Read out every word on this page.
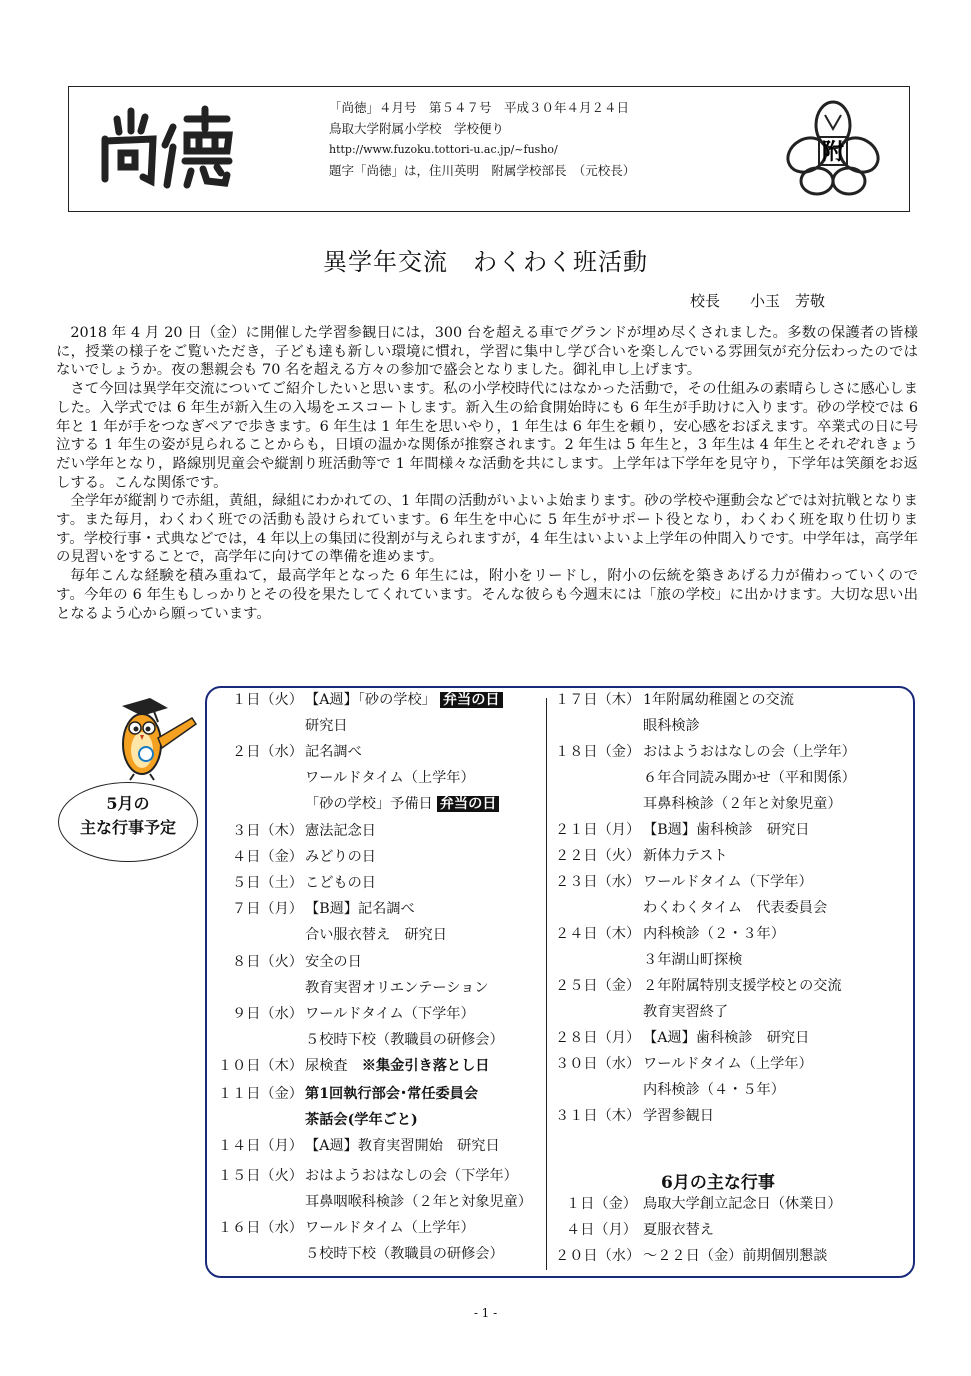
「尚徳」４月号　第５４７号　平成３０年４月２４日
鳥取大学附属小学校　学校便り
http://www.fuzoku.tottori-u.ac.jp/~fusho/
題字「尚徳」は，住川英明　附属学校部長　（元校長）
附
異学年交流　わくわく班活動
校長　　小玉　芳敬

2018 年 4 月 20 日（金）に開催した学習参観日には，300 台を超える車でグランドが埋め尽くされました。多数の保護者の皆様に，授業の様子をご覧いただき，子ども達も新しい環境に慣れ，学習に集中し学び合いを楽しんでいる雰囲気が充分伝わったのではないでしょうか。夜の懇親会も 70 名を超える方々の参加で盛会となりました。御礼申し上げます。

さて今回は異学年交流についてご紹介したいと思います。私の小学校時代にはなかった活動で，その仕組みの素晴らしさに感心しました。入学式では 6 年生が新入生の入場をエスコートします。新入生の給食開始時にも 6 年生が手助けに入ります。砂の学校では 6 年と 1 年が手をつなぎペアで歩きます。6 年生は 1 年生を思いやり，1 年生は 6 年生を頼り，安心感をおぼえます。卒業式の日に号泣する 1 年生の姿が見られることからも，日頃の温かな関係が推察されます。2 年生は 5 年生と，3 年生は 4 年生とそれぞれきょうだい学年となり，路線別児童会や縦割り班活動等で 1 年間様々な活動を共にします。上学年は下学年を見守り，下学年は笑顔をお返しする。こんな関係です。

全学年が縦割りで赤組，黄組，緑組にわかれての、1 年間の活動がいよいよ始まります。砂の学校や運動会などでは対抗戦となります。また毎月，わくわく班での活動も設けられています。6 年生を中心に 5 年生がサポート役となり，わくわく班を取り仕切ります。学校行事・式典などでは，4 年以上の集団に役割が与えられますが，4 年生はいよいよ上学年の仲間入りです。中学年は，高学年の見習いをすることで，高学年に向けての準備を進めます。

毎年こんな経験を積み重ねて，最高学年となった 6 年生には，附小をリードし，附小の伝統を築きあげる力が備わっていくのです。今年の 6 年生もしっかりとその役を果たしてくれています。そんな彼らも今週末には「旅の学校」に出かけます。大切な思い出となるよう心から願っています。

5月の
主な行事予定
１日（火） 【A週】「砂の学校」 弁当の日
研究日
２日（水） 記名調べ
ワールドタイム（上学年）
「砂の学校」予備日 弁当の日
３日（木） 憲法記念日
４日（金） みどりの日
５日（土） こどもの日
７日（月） 【B週】記名調べ
合い服衣替え　研究日
８日（火） 安全の日
教育実習オリエンテーション
９日（水） ワールドタイム（下学年）
５校時下校（教職員の研修会）
１０日（木） 尿検査　※集金引き落とし日
１１日（金） 第1回執行部会･常任委員会
茶話会(学年ごと)
１４日（月） 【A週】教育実習開始　研究日
１５日（火） おはようおはなしの会（下学年）
耳鼻咽喉科検診（２年と対象児童）
１６日（水） ワールドタイム（上学年）
５校時下校（教職員の研修会）
１７日（木） 1年附属幼稚園との交流
眼科検診
１８日（金） おはようおはなしの会（上学年）
６年合同読み聞かせ（平和関係）
耳鼻科検診（２年と対象児童）
２１日（月） 【B週】歯科検診　研究日
２２日（火） 新体力テスト
２３日（水） ワールドタイム（下学年）
わくわくタイム　代表委員会
２４日（木） 内科検診（２・３年）
３年湖山町探検
２５日（金） ２年附属特別支援学校との交流
教育実習終了
２８日（月） 【A週】歯科検診　研究日
３０日（水） ワールドタイム（上学年）
内科検診（４・５年）
３１日（木） 学習参観日
１日（金） 鳥取大学創立記念日（休業日）
４日（月） 夏服衣替え
２０日（水） ～２２日（金）前期個別懇談
6月の主な行事
- 1 -
